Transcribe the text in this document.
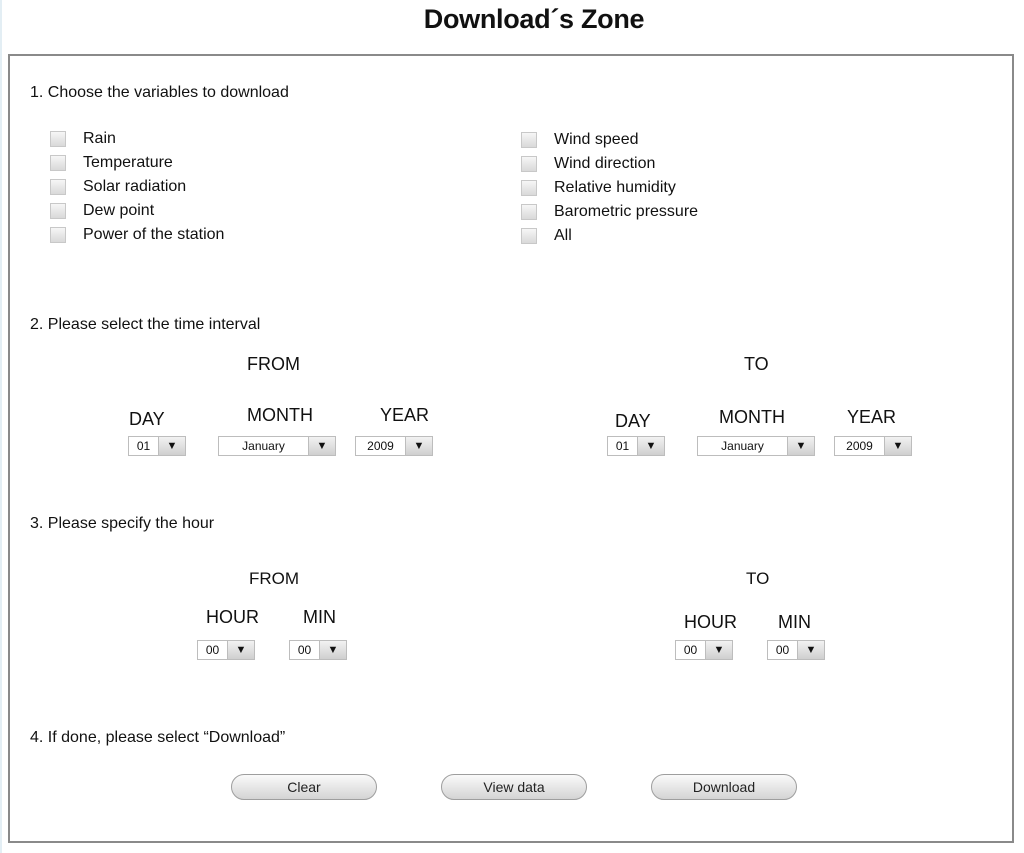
Download´s Zone
1. Choose the variables to download
Rain
Temperature
Solar radiation
Dew point
Power of the station
Wind speed
Wind direction
Relative humidity
Barometric pressure
All
2. Please select the time interval
FROM	TO
DAY	MONTH	YEAR	DAY	MONTH	YEAR
01	▼	January	▼	2009	▼	01	▼	January	▼	2009	▼
3. Please specify the hour
FROM	TO
HOUR MIN	HOUR MIN
00	▼	00	▼	00	▼	00	▼
4. If done, please select “Download”
Clear	View data	Download
